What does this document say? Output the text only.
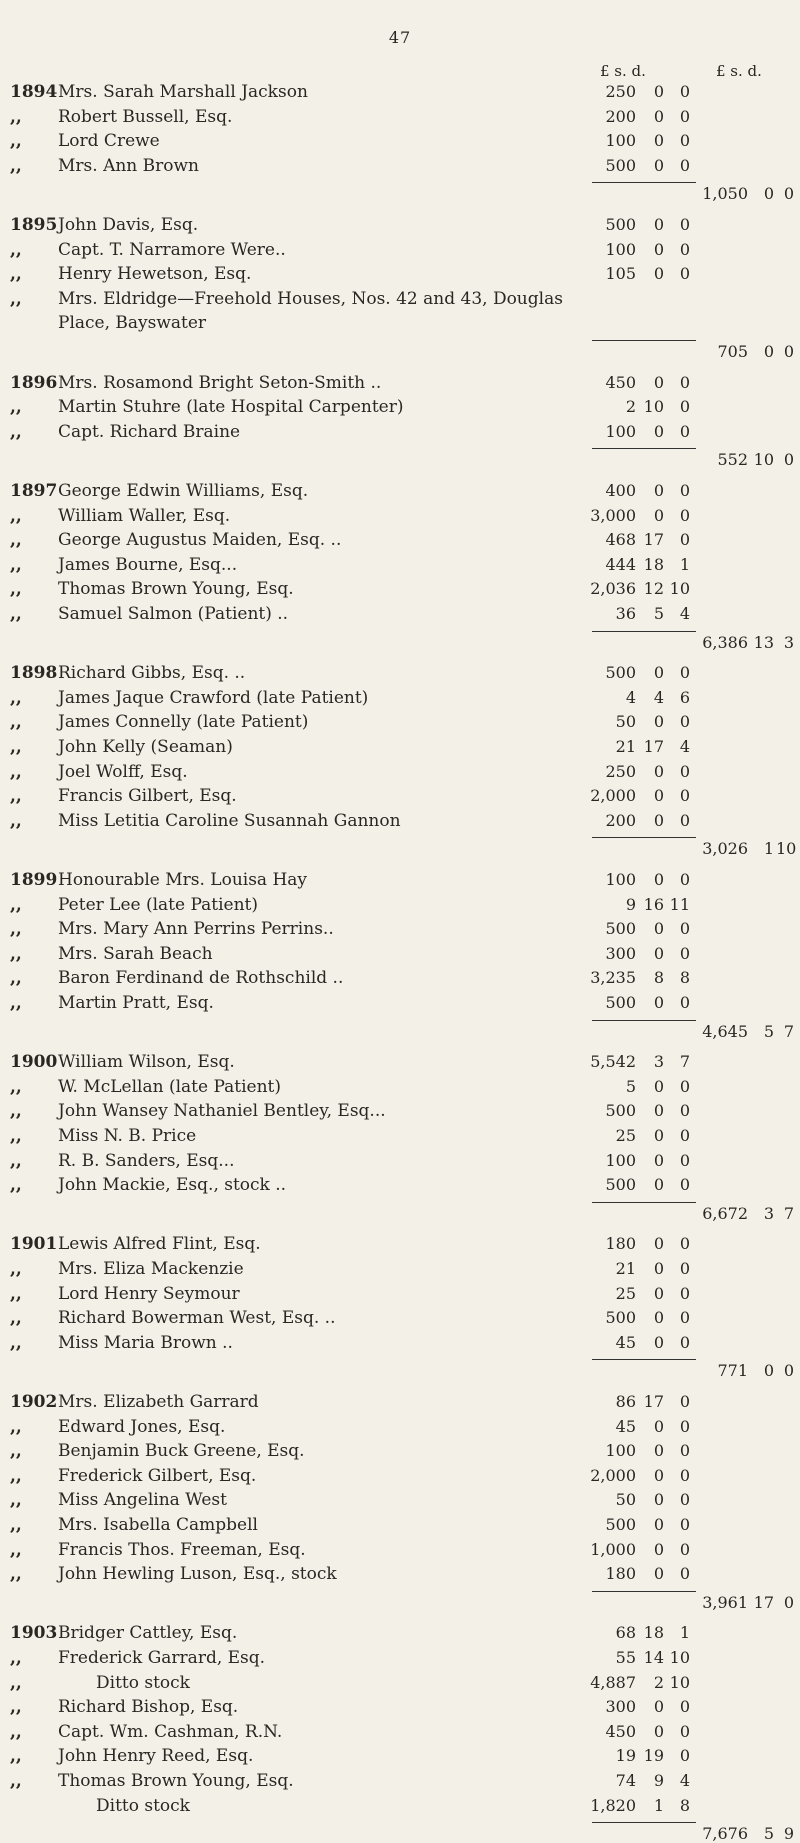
47
£ s. d.	£ s. d.
1894 Mrs. Sarah Marshall Jackson	250	0 0
,,	Robert Bussell, Esq.	200	0 0
,,	Lord Crewe	100	0 0
,,	Mrs. Ann Brown	500	0 0
1,050 0 0
1895 John Davis, Esq.	500	0 0
,,	Capt. T. Narramore Were..	100	0 0
,,	Henry Hewetson, Esq.	105	0 0
,,	Mrs. Eldridge—Freehold Houses, Nos. 42 and 43, Douglas
Place, Bayswater
705 0 0
1896 Mrs. Rosamond Bright Seton-Smith ..	450	0 0
,,	Martin Stuhre (late Hospital Carpenter)	2 10 0
,,	Capt. Richard Braine	100	0 0
552 10 0
1897 George Edwin Williams, Esq.	400	0 0
,,	William Waller, Esq.	3,000	0 0
,,	George Augustus Maiden, Esq. ..	468 17 0
,,	James Bourne, Esq...	444 18 1
,,	Thomas Brown Young, Esq.	2,036 12 10
,,	Samuel Salmon (Patient) ..	36	5 4
6,386 13 3
1898 Richard Gibbs, Esq. ..	500	0 0
,,	James Jaque Crawford (late Patient)	4	4 6
,,	James Connelly (late Patient)	50	0 0
,,	John Kelly (Seaman)	21 17 4
,,	Joel Wolff, Esq.	250	0 0
,,	Francis Gilbert, Esq.	2,000	0 0
,,	Miss Letitia Caroline Susannah Gannon	200	0 0
3,026 1 10
1899 Honourable Mrs. Louisa Hay	100	0 0
,,	Peter Lee (late Patient)	9 16 11
,,	Mrs. Mary Ann Perrins Perrins..	500	0 0
,,	Mrs. Sarah Beach	300	0 0
,,	Baron Ferdinand de Rothschild ..	3,235	8 8
,,	Martin Pratt, Esq.	500	0 0
4,645 5 7
1900 William Wilson, Esq.	5,542	3 7
,,	W. McLellan (late Patient)	5	0 0
,,	John Wansey Nathaniel Bentley, Esq...	500	0 0
,,	Miss N. B. Price	25	0 0
,,	R. B. Sanders, Esq...	100	0 0
,,	John Mackie, Esq., stock ..	500	0 0
6,672 3 7
1901 Lewis Alfred Flint, Esq.	180	0 0
,,	Mrs. Eliza Mackenzie	21	0 0
,,	Lord Henry Seymour	25	0 0
,,	Richard Bowerman West, Esq. ..	500	0 0
,,	Miss Maria Brown ..	45	0 0
771 0 0
1902 Mrs. Elizabeth Garrard	86 17 0
,,	Edward Jones, Esq.	45	0 0
,,	Benjamin Buck Greene, Esq.	100	0 0
,,	Frederick Gilbert, Esq.	2,000	0 0
,,	Miss Angelina West	50	0 0
,,	Mrs. Isabella Campbell	500	0 0
,,	Francis Thos. Freeman, Esq.	1,000	0 0
,,	John Hewling Luson, Esq., stock	180	0 0
3,961 17 0
1903 Bridger Cattley, Esq.	68 18 1
,,	Frederick Garrard, Esq.	55 14 10
,,	Ditto stock	4,887	2 10
,,	Richard Bishop, Esq.	300	0 0
,,	Capt. Wm. Cashman, R.N.	450	0 0
,,	John Henry Reed, Esq.	19 19 0
,,	Thomas Brown Young, Esq.	74	9 4
Ditto stock	1,820	1 8
7,676 5 9
